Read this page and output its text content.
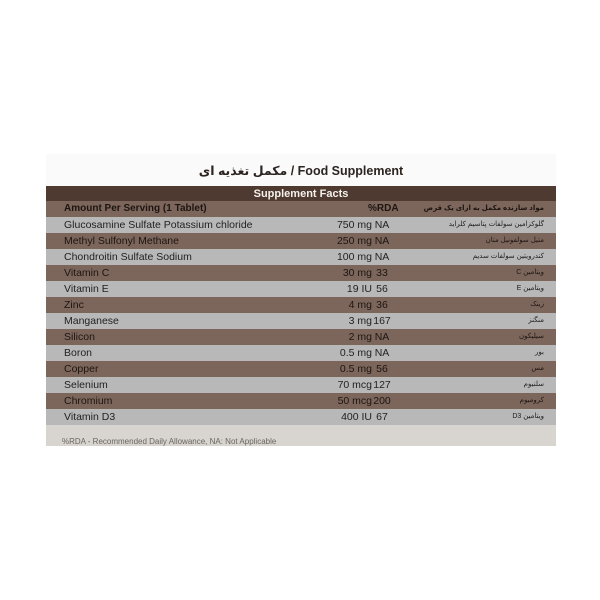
مکمل تغذیه ای / Food Supplement
Supplement Facts
Amount Per Serving (1 Tablet)	%RDA	مواد سازنده مکمل به ازای یک قرص
Glucosamine Sulfate Potassium chloride	750 mg NA	گلوکزامین سولفات پتاسیم کلراید
Methyl Sulfonyl Methane	250 mg NA	متیل سولفونیل متان
Chondroitin Sulfate Sodium	100 mg NA	کندرویتین سولفات سدیم
Vitamin C	30 mg 33	ویتامین C
Vitamin E	19 IU 56	ویتامین E
Zinc	4 mg 36	زینک
Manganese	3 mg 167	منگنز
Silicon	2 mg NA	سیلیکون
Boron	0.5 mg NA	بور
Copper	0.5 mg 56	مس
Selenium	70 mcg 127	سلنیوم
Chromium	50 mcg 200	کرومیوم
Vitamin D3	400 IU 67	ویتامین D3
%RDA - Recommended Daily Allowance, NA: Not Applicable
